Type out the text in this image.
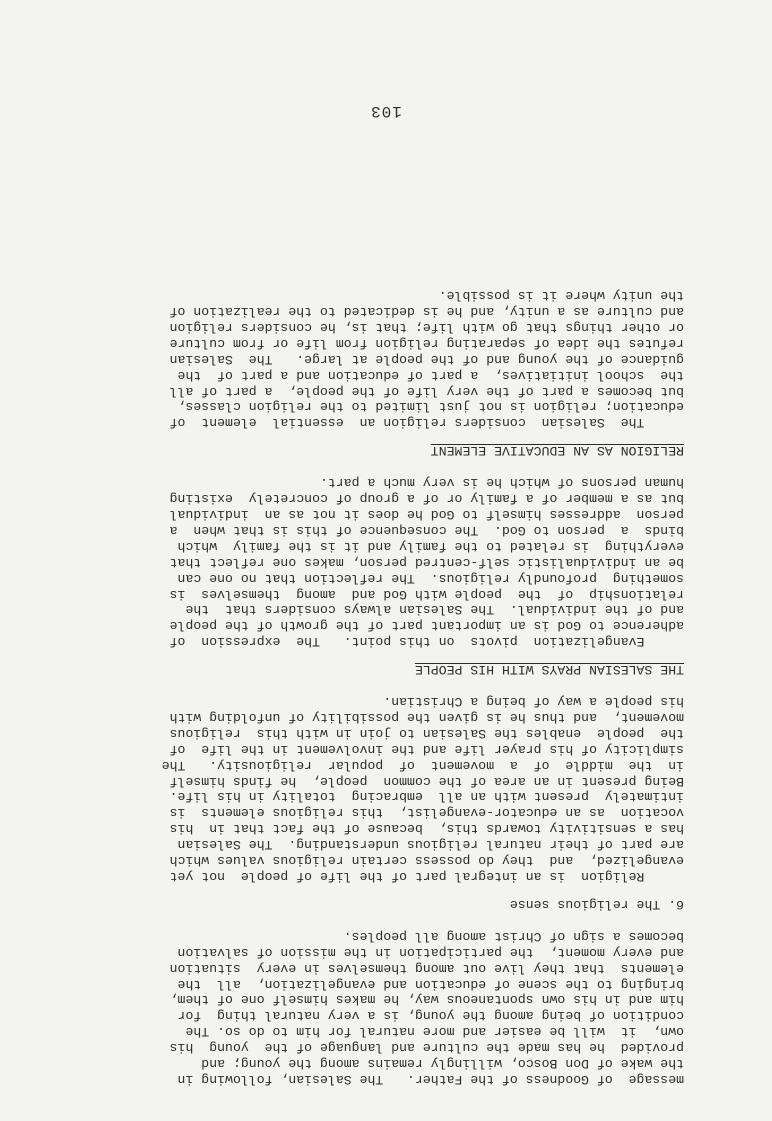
message  of Goodness of the Father.   The Salesian, following in
the wake of Don Bosco, willingly remains among the young; and
provided  he has made the culture and language of the  young  his
own,  it  will be easier and more natural for him to do so. The
condition of being among the young, is a very natural thing  for
him and in his own spontaneous way, he makes himself one of them,
bringing to the scene of education and evangelization,  all  the
elements  that they live out among themselves in every  situation
and every moment,  the participation in the mission of salvation
becomes a sign of Christ among all peoples.
6. The religious sense
Religion  is an integral part of the life of people  not yet
evangelized,  and  they do possess certain religious values which
are part of their natural religious understanding.  The Salesian
has a sensitivity towards this,  because of the fact that in  his
vocation  as an educator-evangelist,  this religious elements  is
intimately  present with an all  embracing  totality in his life.
Being present in an area of the common  people,  he finds himself
in  the  middle  of  a  movement  of  popular  religiousity.   The
simplicity of his prayer life and the involvement in the life  of
the  people  enables the Salesian to join in with this  religious
movement,  and thus he is given the possibility of unfolding with
his people a way of being a Christian.
THE SALESIAN PRAYS WITH HIS PEOPLE
Evangelization  pivots  on this point.   The  expression  of
adherence to God is an important part of the growth of the people
and of the individual.  The Salesian always considers that  the
relationship  of  the  people with God and  among  themselves  is
something  profoundly religious.  The reflection that no one can
be an individualistic self-centred person, makes one reflect that
everything  is related to the family and it is the family  which
binds  a  person to God.  The consequence of this is that when  a
person  addresses himself to God he does it not as an  individual
but as a member of a family or of a group of concretely  existing
human persons of which he is very much a part.
RELIGION AS AN EDUCATIVE ELEMENT
The  Salesian  considers religion an  essential  element  of
education; religion is not just limited to the religion classes,
but becomes a part of the very life of the people,  a part of all
the  school initiatives,  a part of education and a part of  the
guidance of the young and of the people at large.   The  Salesian
refutes the idea of separating religion from life or from culture
or other things that go with life; that is, he considers religion
and culture as a unity, and he is dedicated to the realization of
the unity where it is possible.
103
